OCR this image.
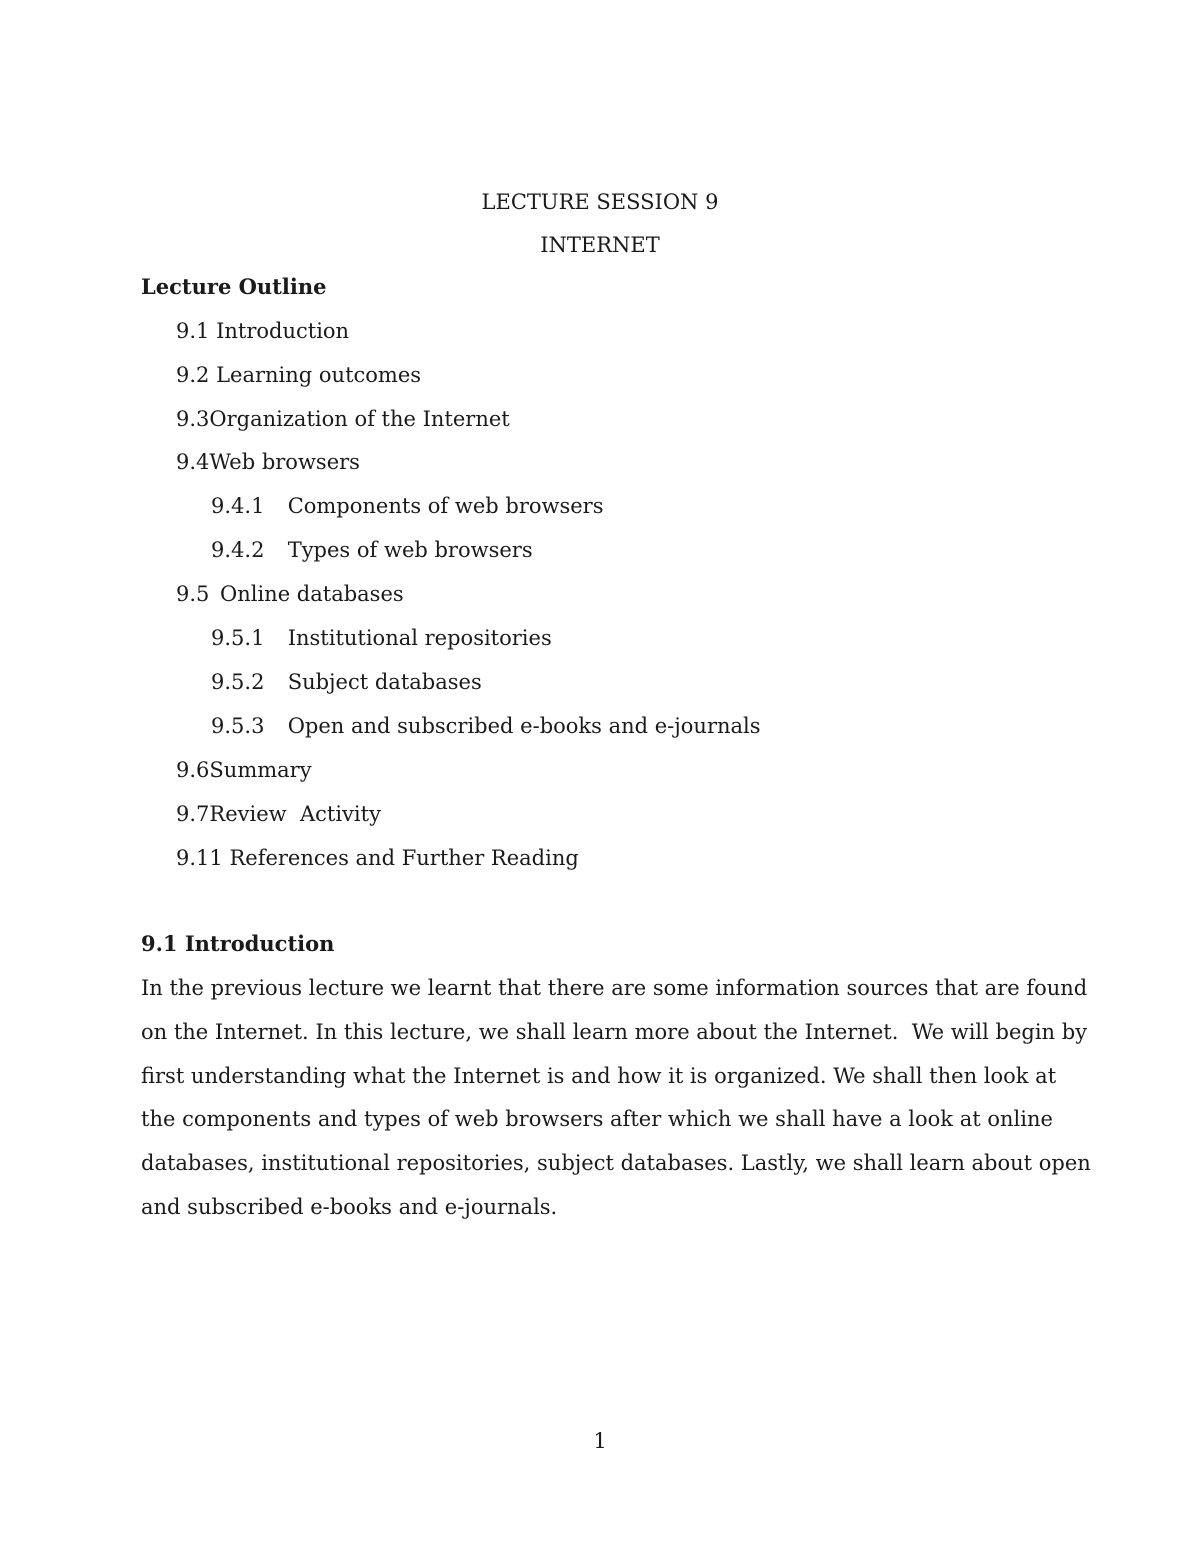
LECTURE SESSION 9
INTERNET
Lecture Outline
9.1 Introduction
9.2 Learning outcomes
9.3Organization of the Internet
9.4Web browsers
9.4.1 Components of web browsers
9.4.2 Types of web browsers
9.5 Online databases
9.5.1 Institutional repositories
9.5.2 Subject databases
9.5.3 Open and subscribed e-books and e-journals
9.6Summary
9.7Review  Activity
9.11 References and Further Reading
9.1 Introduction
In the previous lecture we learnt that there are some information sources that are found
on the Internet. In this lecture, we shall learn more about the Internet.  We will begin by
first understanding what the Internet is and how it is organized. We shall then look at
the components and types of web browsers after which we shall have a look at online
databases, institutional repositories, subject databases. Lastly, we shall learn about open
and subscribed e-books and e-journals.
1
